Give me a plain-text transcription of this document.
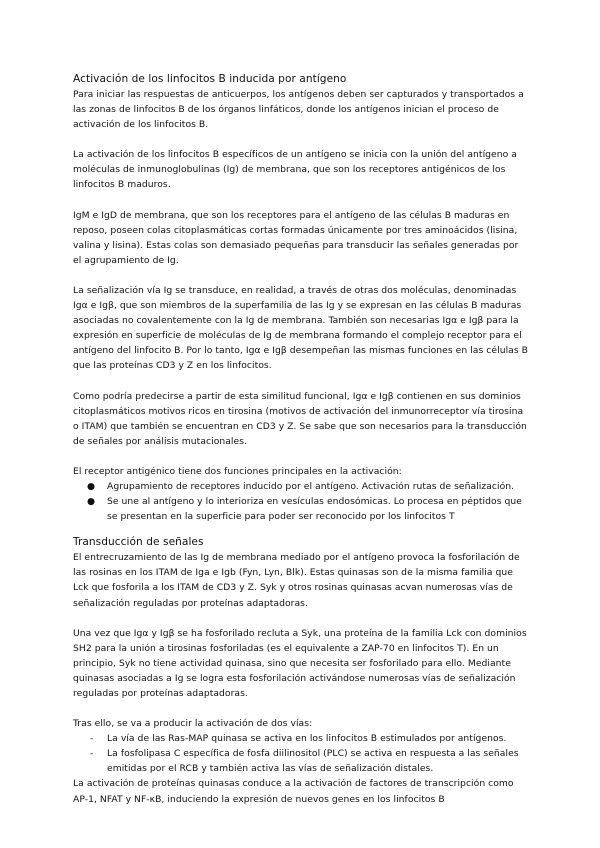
Activación de los linfocitos B inducida por antígeno

Para iniciar las respuestas de anticuerpos, los antígenos deben ser capturados y transportados a las zonas de linfocitos B de los órganos linfáticos, donde los antígenos inician el proceso de activación de los linfocitos B.

La activación de los linfocitos B específicos de un antígeno se inicia con la unión del antígeno a moléculas de inmunoglobulinas (Ig) de membrana, que son los receptores antigénicos de los linfocitos B maduros.

IgM e IgD de membrana, que son los receptores para el antígeno de las células B maduras en reposo, poseen colas citoplasmáticas cortas formadas únicamente por tres aminoácidos (lisina, valina y lisina). Estas colas son demasiado pequeñas para transducir las señales generadas por el agrupamiento de Ig.

La señalización vía Ig se transduce, en realidad, a través de otras dos moléculas, denominadas Igα e Igβ, que son miembros de la superfamilia de las Ig y se expresan en las células B maduras asociadas no covalentemente con la Ig de membrana. También son necesarias Igα e Igβ para la expresión en superficie de moléculas de Ig de membrana formando el complejo receptor para el antígeno del linfocito B. Por lo tanto, Igα e Igβ desempeñan las mismas funciones en las células B que las proteínas CD3 y Z en los linfocitos.

Como podría predecirse a partir de esta similitud funcional, Igα e Igβ contienen en sus dominios citoplasmáticos motivos ricos en tirosina (motivos de activación del inmunorreceptor vía tirosina o ITAM) que también se encuentran en CD3 y Z. Se sabe que son necesarios para la transducción de señales por análisis mutacionales.

El receptor antigénico tiene dos funciones principales en la activación:

● Agrupamiento de receptores inducido por el antígeno. Activación rutas de señalización.
● Se une al antígeno y lo interioriza en vesículas endosómicas. Lo procesa en péptidos que se presentan en la superficie para poder ser reconocido por los linfocitos T
Transducción de señales

El entrecruzamiento de las Ig de membrana mediado por el antígeno provoca la fosforilación de las rosinas en los ITAM de Iga e Igb (Fyn, Lyn, Blk). Estas quinasas son de la misma familia que Lck que fosforila a los ITAM de CD3 y Z. Syk y otros rosinas quinasas acvan numerosas vías de señalización reguladas por proteínas adaptadoras.

Una vez que Igα y Igβ se ha fosforilado recluta a Syk, una proteína de la familia Lck con dominios SH2 para la unión a tirosinas fosforiladas (es el equivalente a ZAP-70 en linfocitos T). En un principio, Syk no tiene actividad quinasa, sino que necesita ser fosforilado para ello. Mediante quinasas asociadas a Ig se logra esta fosforilación activándose numerosas vías de señalización reguladas por proteínas adaptadoras.

Tras ello, se va a producir la activación de dos vías:

- La vía de las Ras-MAP quinasa se activa en los linfocitos B estimulados por antígenos.
- La fosfolipasa C específica de fosfa diilinositol (PLC) se activa en respuesta a las señales emitidas por el RCB y también activa las vías de señalización distales.

La activación de proteínas quinasas conduce a la activación de factores de transcripción como AP-1, NFAT y NF-κB, induciendo la expresión de nuevos genes en los linfocitos B
